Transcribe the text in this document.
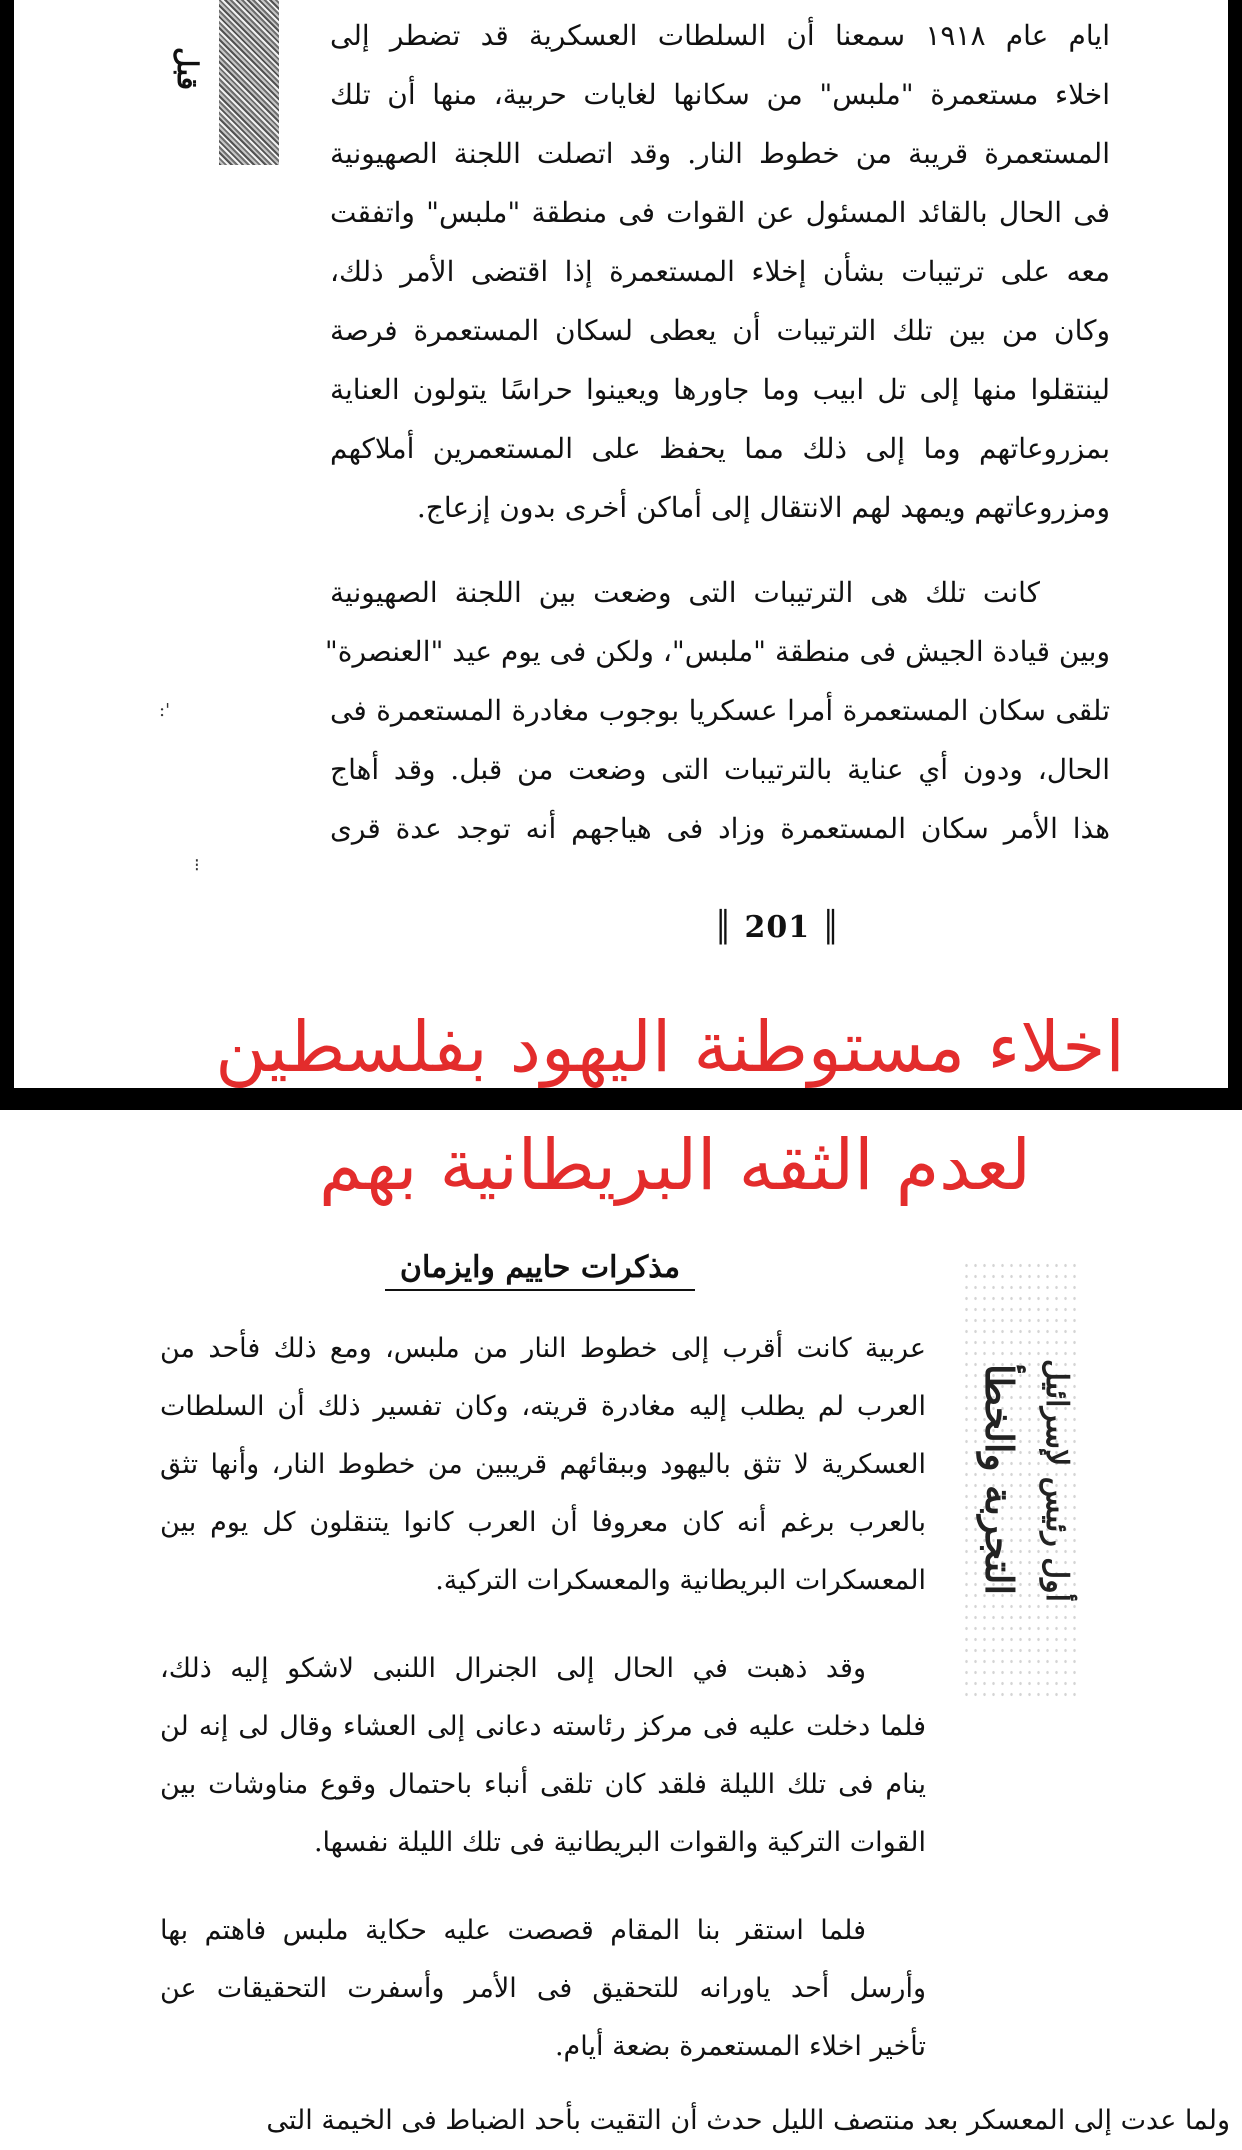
قبل
:'
⁝
ايام عام ١٩١٨ سمعنا أن السلطات العسكرية قد تضطر إلى
اخلاء مستعمرة "ملبس" من سكانها لغايات حربية، منها أن تلك
المستعمرة قريبة من خطوط النار. وقد اتصلت اللجنة الصهيونية
فى الحال بالقائد المسئول عن القوات فى منطقة "ملبس" واتفقت
معه على ترتيبات بشأن إخلاء المستعمرة إذا اقتضى الأمر ذلك،
وكان من بين تلك الترتيبات أن يعطى لسكان المستعمرة فرصة
لينتقلوا منها إلى تل ابيب وما جاورها ويعينوا حراسًا يتولون العناية
بمزروعاتهم وما إلى ذلك مما يحفظ على المستعمرين أملاكهم
ومزروعاتهم ويمهد لهم الانتقال إلى أماكن أخرى بدون إزعاج.
كانت تلك هى الترتيبات التى وضعت بين اللجنة الصهيونية
وبين قيادة الجيش فى منطقة "ملبس"، ولكن فى يوم عيد "العنصرة"
تلقى سكان المستعمرة أمرا عسكريا بوجوب مغادرة المستعمرة فى
الحال، ودون أي عناية بالترتيبات التى وضعت من قبل. وقد أهاج
هذا الأمر سكان المستعمرة وزاد فى هياجهم أنه توجد عدة قرى
║ 201 ║
اخلاء مستوطنة اليهود بفلسطين
لعدم الثقه البريطانية بهم
مذكرات حاييم وايزمان
التجربة والخطأ أول رئيس لإسرائيل
عربية كانت أقرب إلى خطوط النار من ملبس، ومع ذلك فأحد من
العرب لم يطلب إليه مغادرة قريته، وكان تفسير ذلك أن السلطات
العسكرية لا تثق باليهود وببقائهم قريبين من خطوط النار، وأنها تثق
بالعرب برغم أنه كان معروفا أن العرب كانوا يتنقلون كل يوم بين
المعسكرات البريطانية والمعسكرات التركية.
وقد ذهبت في الحال إلى الجنرال اللنبى لاشكو إليه ذلك،
فلما دخلت عليه فى مركز رئاسته دعانى إلى العشاء وقال لى إنه لن
ينام فى تلك الليلة فلقد كان تلقى أنباء باحتمال وقوع مناوشات بين
القوات التركية والقوات البريطانية فى تلك الليلة نفسها.
فلما استقر بنا المقام قصصت عليه حكاية ملبس فاهتم بها
وأرسل أحد ياورانه للتحقيق فى الأمر وأسفرت التحقيقات عن
تأخير اخلاء المستعمرة بضعة أيام.
ولما عدت إلى المعسكر بعد منتصف الليل حدث أن التقيت بأحد الضباط فى الخيمة التى
